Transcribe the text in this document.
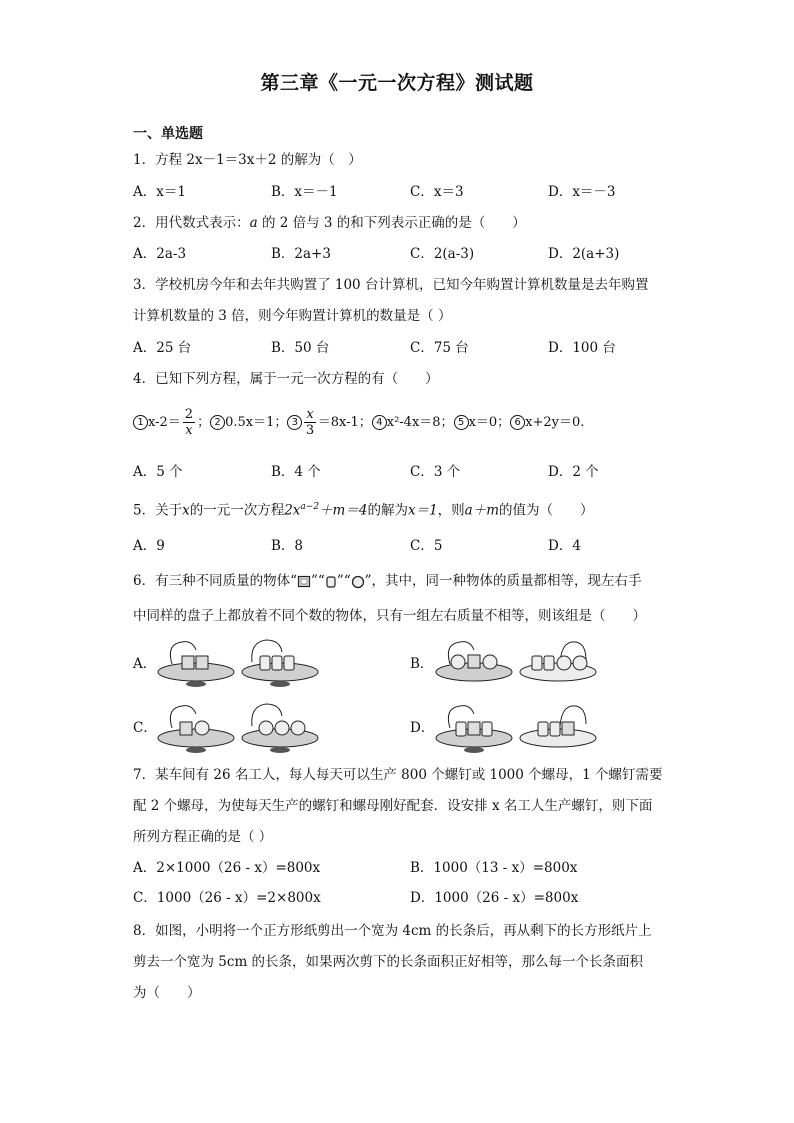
第三章《一元一次方程》测试题
一、单选题
1．方程 2x－1＝3x＋2 的解为（　）
A．x＝1	B．x＝－1	C．x＝3	D．x＝－3
2．用代数式表示：a 的 2 倍与 3 的和下列表示正确的是（　　）
A．2a-3	B．2a+3	C．2(a-3)	D．2(a+3)
3．学校机房今年和去年共购置了 100 台计算机，已知今年购置计算机数量是去年购置
计算机数量的 3 倍，则今年购置计算机的数量是（ ）
A．25 台	B．50 台	C．75 台	D．100 台
4．已知下列方程，属于一元一次方程的有（　　）
1 $x-2= \frac{2}{x}$ ； 2 0.5x＝1； $3 \frac{x}{3} =8x-1$； 4 x²-4x＝8； 5 x＝0； 6 x+2y＝0.
A．5 个	B．4 个	C．3 个	D．2 个
5．关于x的一元一次方程$2x^{a-2}+m=4$的解为x＝1，则a＋m的值为（　　）
A．9	B．8	C．5	D．4
6．有三种不同质量的物体“ ”“ ”“ ”，其中，同一种物体的质量都相等，现左右手
中同样的盘子上都放着不同个数的物体，只有一组左右质量不相等，则该组是（　　）
A．	B．
C．	D．
7．某车间有 26 名工人，每人每天可以生产 800 个螺钉或 1000 个螺母，1 个螺钉需要
配 2 个螺母，为使每天生产的螺钉和螺母刚好配套．设安排 x 名工人生产螺钉，则下面
所列方程正确的是（ ）
A．2×1000（26 - x）=800x	B．1000（13 - x）=800x
C．1000（26 - x）=2×800x	D．1000（26 - x）=800x
8．如图，小明将一个正方形纸剪出一个宽为 4cm 的长条后，再从剩下的长方形纸片上
剪去一个宽为 5cm 的长条，如果两次剪下的长条面积正好相等，那么每一个长条面积
为（　　）
